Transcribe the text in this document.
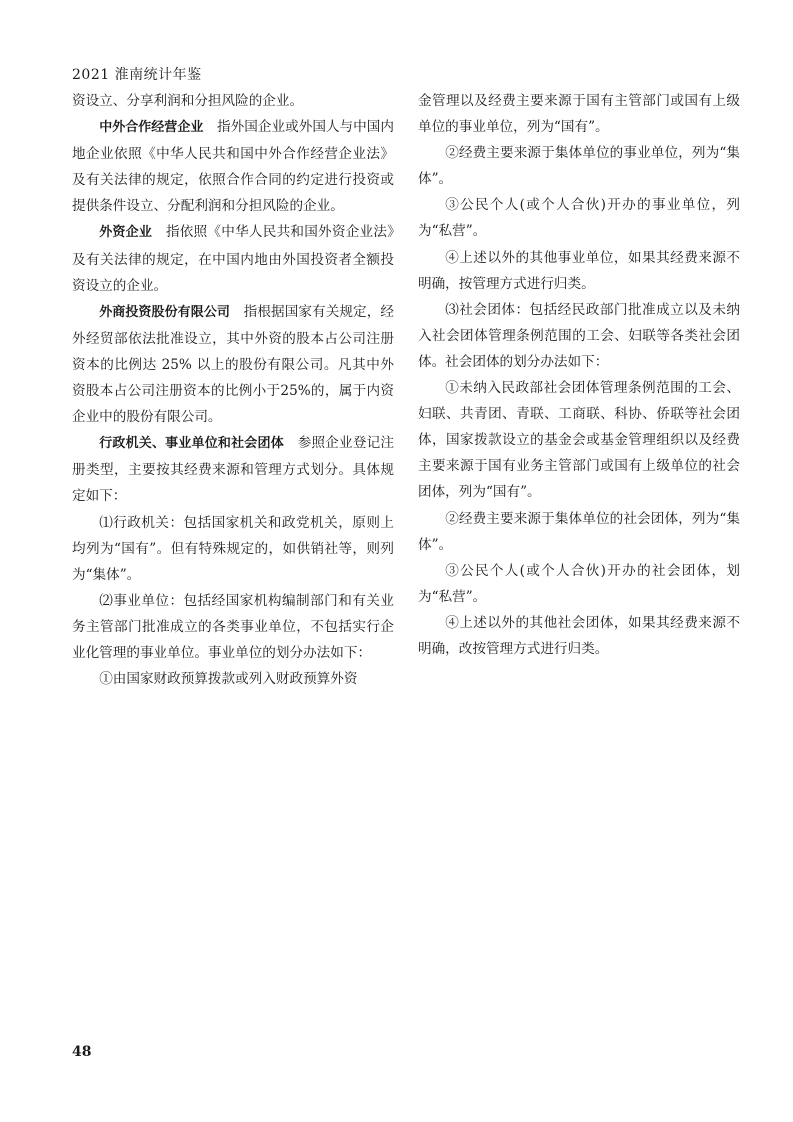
2021 淮南统计年鉴

资设立、分享利润和分担风险的企业。

中外合作经营企业　 指外国企业或外国人与中国内地企业依照《中华人民共和国中外合作经营企业法》及有关法律的规定，依照合作合同的约定进行投资或提供条件设立、分配利润和分担风险的企业。

外资企业　 指依照《中华人民共和国外资企业法》及有关法律的规定，在中国内地由外国投资者全额投资设立的企业。

外商投资股份有限公司　 指根据国家有关规定，经外经贸部依法批准设立，其中外资的股本占公司注册资本的比例达 25% 以上的股份有限公司。凡其中外资股本占公司注册资本的比例小于25%的，属于内资企业中的股份有限公司。

行政机关、事业单位和社会团体　 参照企业登记注册类型，主要按其经费来源和管理方式划分。具体规定如下：

⑴行政机关：包括国家机关和政党机关，原则上均列为“国有”。但有特殊规定的，如供销社等，则列为“集体”。

⑵事业单位：包括经国家机构编制部门和有关业务主管部门批准成立的各类事业单位，不包括实行企业化管理的事业单位。事业单位的划分办法如下：

①由国家财政预算拨款或列入财政预算外资

金管理以及经费主要来源于国有主管部门或国有上级单位的事业单位，列为“国有”。

②经费主要来源于集体单位的事业单位，列为“集体”。

③公民个人(或个人合伙)开办的事业单位，列为“私营”。

④上述以外的其他事业单位，如果其经费来源不明确，按管理方式进行归类。

⑶社会团体：包括经民政部门批准成立以及未纳入社会团体管理条例范围的工会、妇联等各类社会团体。社会团体的划分办法如下：

①未纳入民政部社会团体管理条例范围的工会、妇联、共青团、青联、工商联、科协、侨联等社会团体，国家拨款设立的基金会或基金管理组织以及经费主要来源于国有业务主管部门或国有上级单位的社会团体，列为“国有”。

②经费主要来源于集体单位的社会团体，列为“集体”。

③公民个人(或个人合伙)开办的社会团体，划为“私营”。

④上述以外的其他社会团体，如果其经费来源不明确，改按管理方式进行归类。

48
